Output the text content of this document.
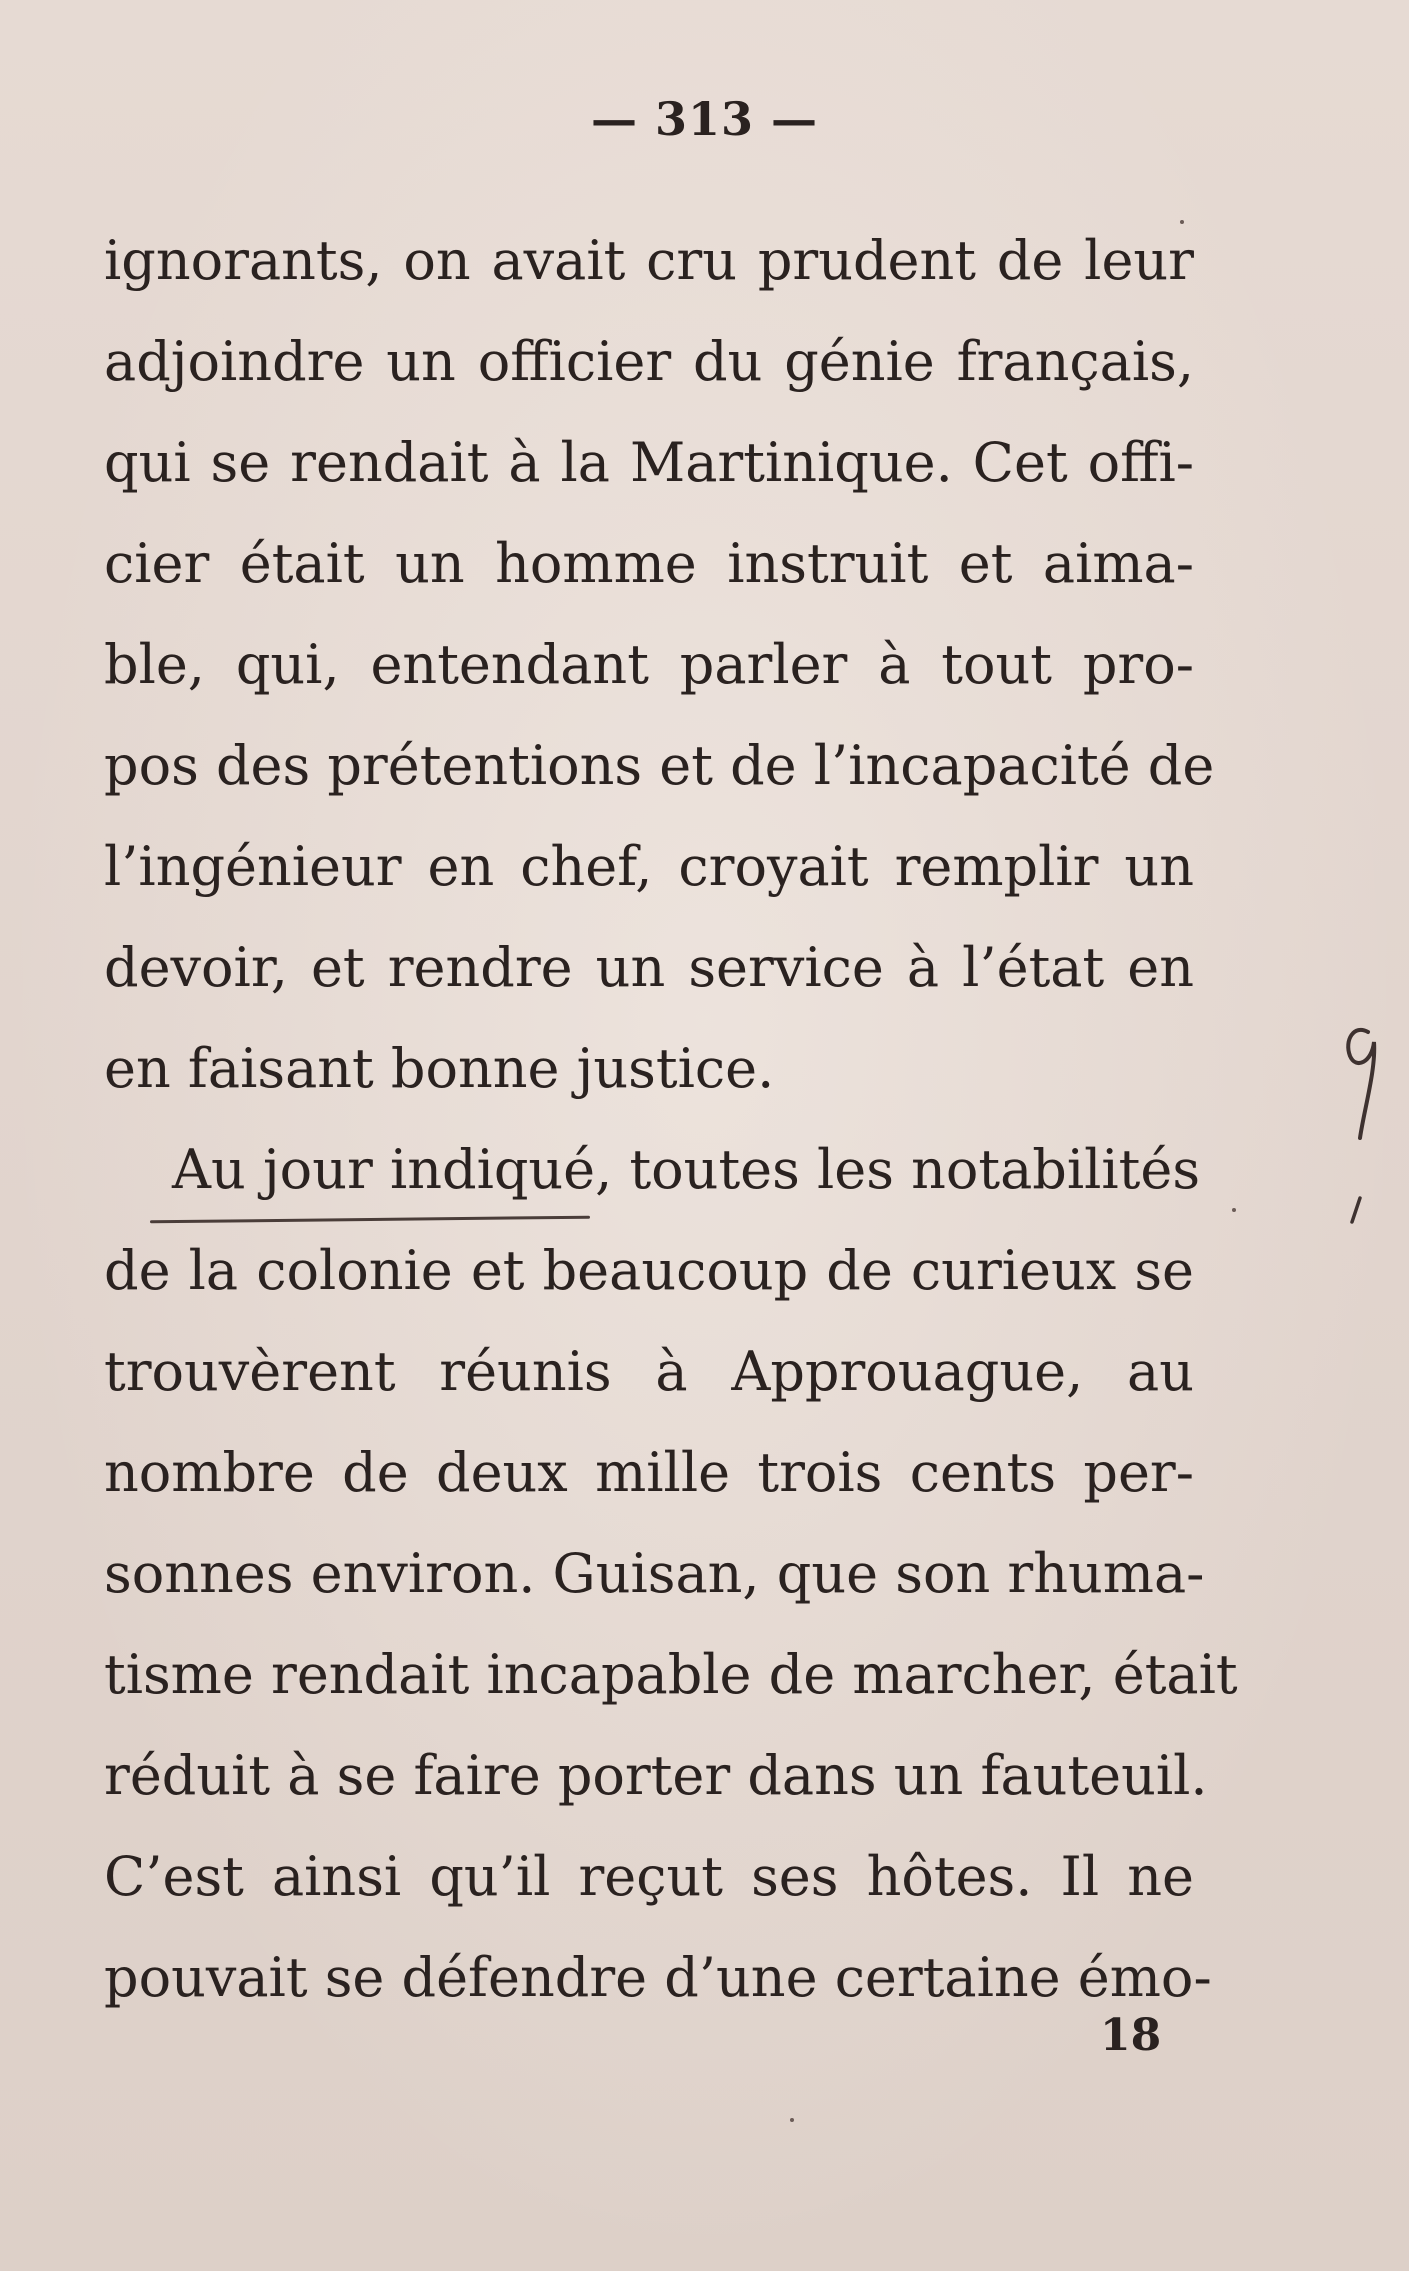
— 313 —
ignorants, on avait cru prudent de leur
adjoindre un officier du génie français,
qui se rendait à la Martinique. Cet offi-
cier était un homme instruit et aima-
ble, qui, entendant parler à tout pro-
pos des prétentions et de l’incapacité de
l’ingénieur en chef, croyait remplir un
devoir, et rendre un service à l’état en
en faisant bonne justice.
Au jour indiqué, toutes les notabilités
de la colonie et beaucoup de curieux se
trouvèrent réunis à Approuague, au
nombre de deux mille trois cents per-
sonnes environ. Guisan, que son rhuma-
tisme rendait incapable de marcher, était
réduit à se faire porter dans un fauteuil.
C’est ainsi qu’il reçut ses hôtes. Il ne
pouvait se défendre d’une certaine émo-
18
